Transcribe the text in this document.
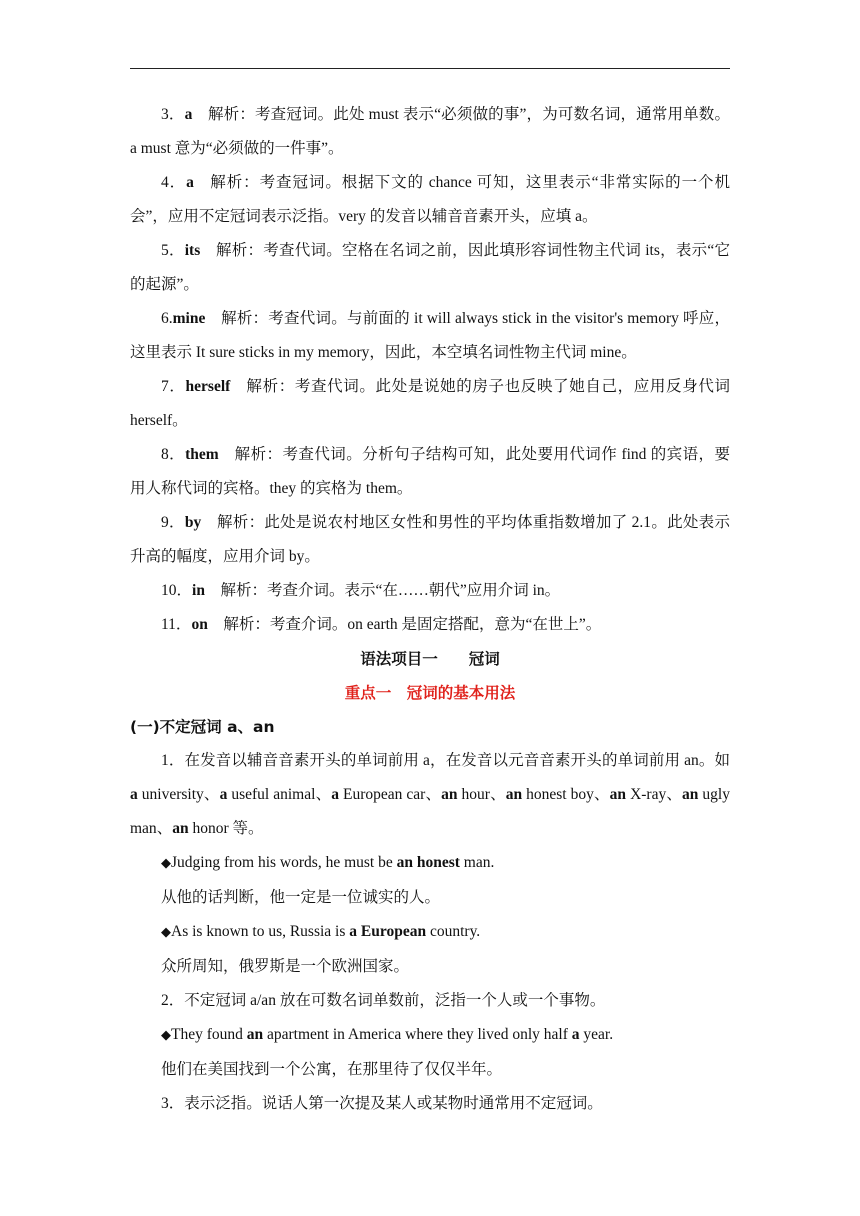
3．a 解析：考查冠词。此处 must 表示“必须做的事”，为可数名词，通常用单数。a must 意为“必须做的一件事”。

4．a 解析：考查冠词。根据下文的 chance 可知，这里表示“非常实际的一个机会”，应用不定冠词表示泛指。very 的发音以辅音音素开头，应填 a。

5．its 解析：考查代词。空格在名词之前，因此填形容词性物主代词 its，表示“它的起源”。

6.mine 解析：考查代词。与前面的 it will always stick in the visitor's memory 呼应，这里表示 It sure sticks in my memory，因此，本空填名词性物主代词 mine。

7．herself 解析：考查代词。此处是说她的房子也反映了她自己，应用反身代词 herself。

8．them 解析：考查代词。分析句子结构可知，此处要用代词作 find 的宾语，要用人称代词的宾格。they 的宾格为 them。

9．by 解析：此处是说农村地区女性和男性的平均体重指数增加了 2.1。此处表示升高的幅度，应用介词 by。

10．in 解析：考查介词。表示“在……朝代”应用介词 in。

11．on 解析：考查介词。on earth 是固定搭配，意为“在世上”。

语法项目一 冠词

重点一　冠词的基本用法

(一)不定冠词 a、an

1．在发音以辅音音素开头的单词前用 a，在发音以元音音素开头的单词前用 an。如 a university、a useful animal、a European car、an hour、an honest boy、an X-ray、an ugly man、an honor 等。

◆Judging from his words, he must be an honest man.

从他的话判断，他一定是一位诚实的人。

◆As is known to us, Russia is a European country.

众所周知，俄罗斯是一个欧洲国家。

2．不定冠词 a/an 放在可数名词单数前，泛指一个人或一个事物。

◆They found an apartment in America where they lived only half a year.

他们在美国找到一个公寓，在那里待了仅仅半年。

3．表示泛指。说话人第一次提及某人或某物时通常用不定冠词。
